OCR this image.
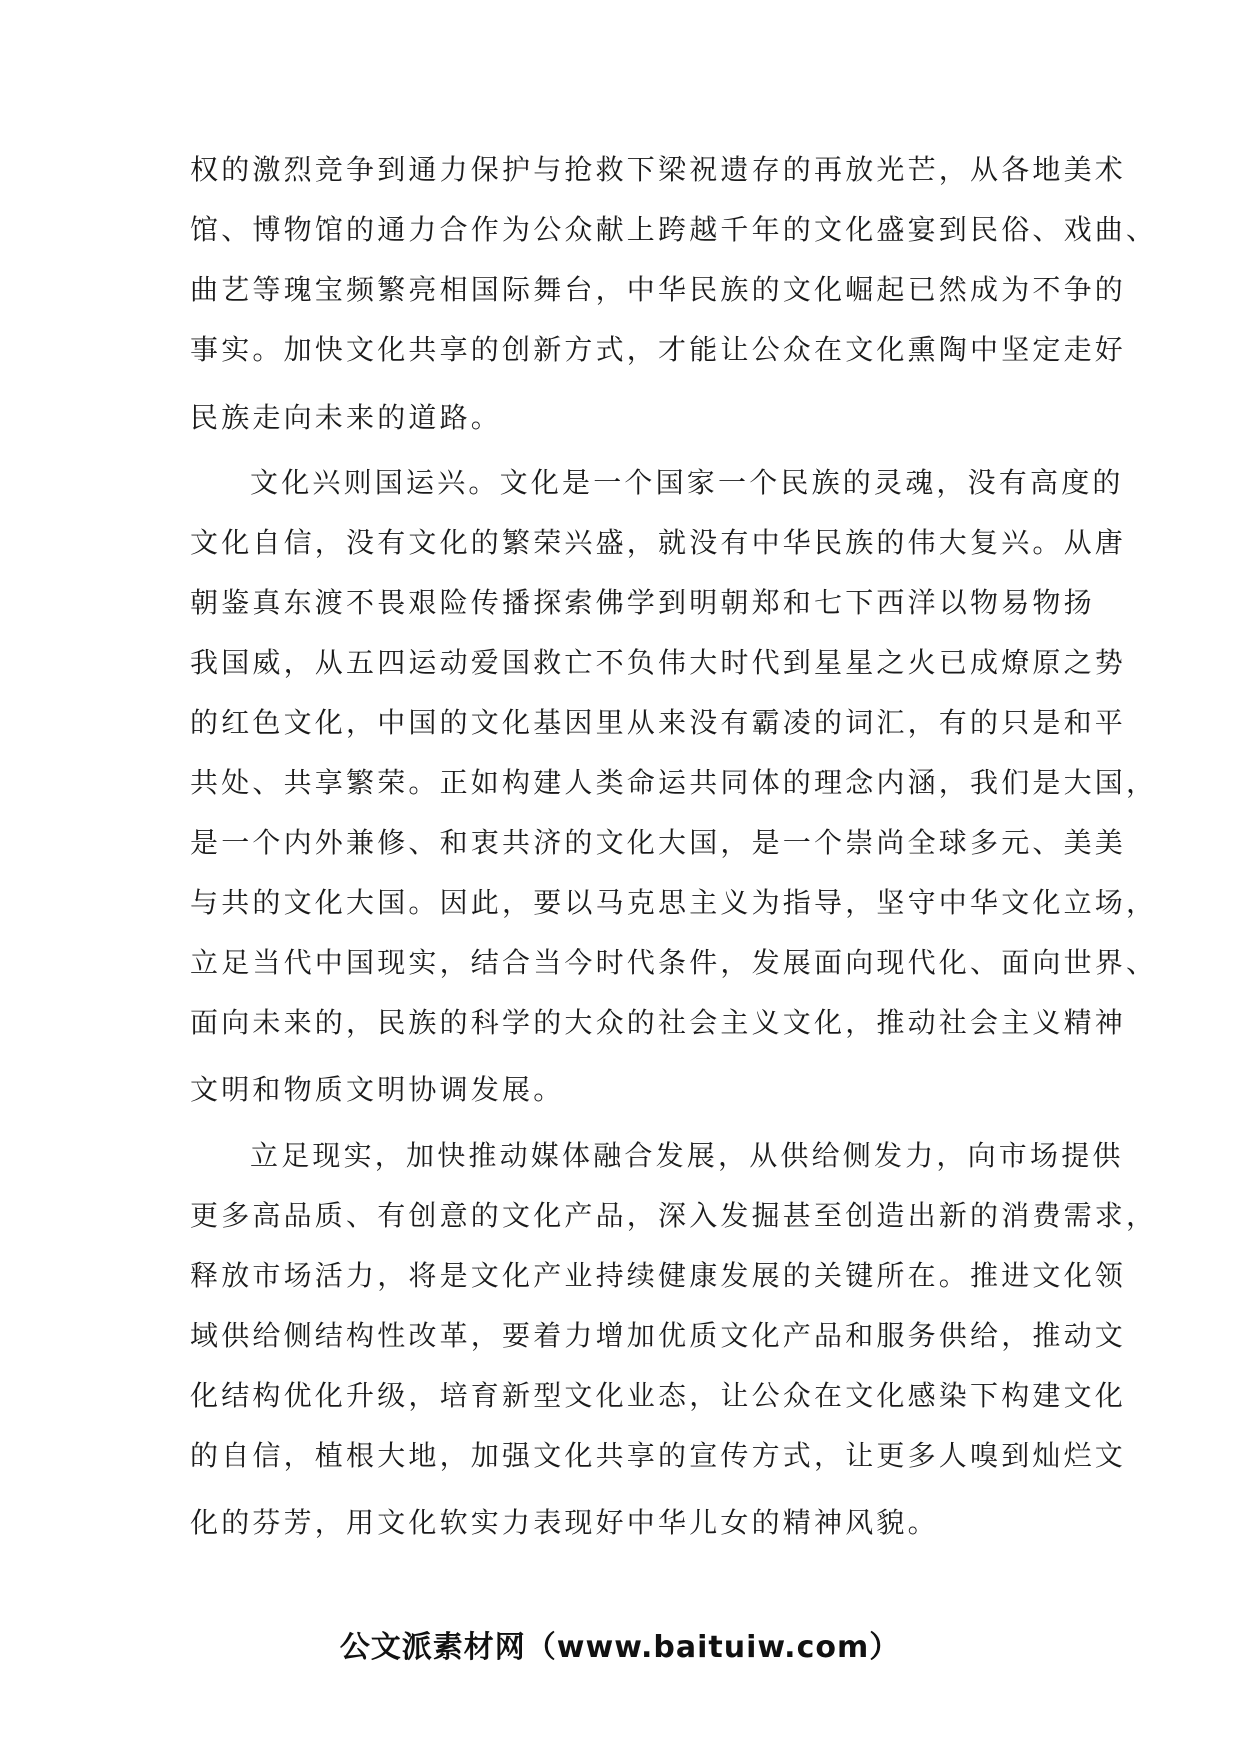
权的激烈竞争到通力保护与抢救下梁祝遗存的再放光芒，从各地美术
馆、博物馆的通力合作为公众献上跨越千年的文化盛宴到民俗、戏曲、
曲艺等瑰宝频繁亮相国际舞台，中华民族的文化崛起已然成为不争的
事实。加快文化共享的创新方式，才能让公众在文化熏陶中坚定走好
民族走向未来的道路。
文化兴则国运兴。文化是一个国家一个民族的灵魂，没有高度的
文化自信，没有文化的繁荣兴盛，就没有中华民族的伟大复兴。从唐
朝鉴真东渡不畏艰险传播探索佛学到明朝郑和七下西洋以物易物扬
我国威，从五四运动爱国救亡不负伟大时代到星星之火已成燎原之势
的红色文化，中国的文化基因里从来没有霸凌的词汇，有的只是和平
共处、共享繁荣。正如构建人类命运共同体的理念内涵，我们是大国，
是一个内外兼修、和衷共济的文化大国，是一个崇尚全球多元、美美
与共的文化大国。因此，要以马克思主义为指导，坚守中华文化立场，
立足当代中国现实，结合当今时代条件，发展面向现代化、面向世界、
面向未来的，民族的科学的大众的社会主义文化，推动社会主义精神
文明和物质文明协调发展。
立足现实，加快推动媒体融合发展，从供给侧发力，向市场提供
更多高品质、有创意的文化产品，深入发掘甚至创造出新的消费需求，
释放市场活力，将是文化产业持续健康发展的关键所在。推进文化领
域供给侧结构性改革，要着力增加优质文化产品和服务供给，推动文
化结构优化升级，培育新型文化业态，让公众在文化感染下构建文化
的自信，植根大地，加强文化共享的宣传方式，让更多人嗅到灿烂文
化的芬芳，用文化软实力表现好中华儿女的精神风貌。
公文派素材网（www.baituiw.com）
